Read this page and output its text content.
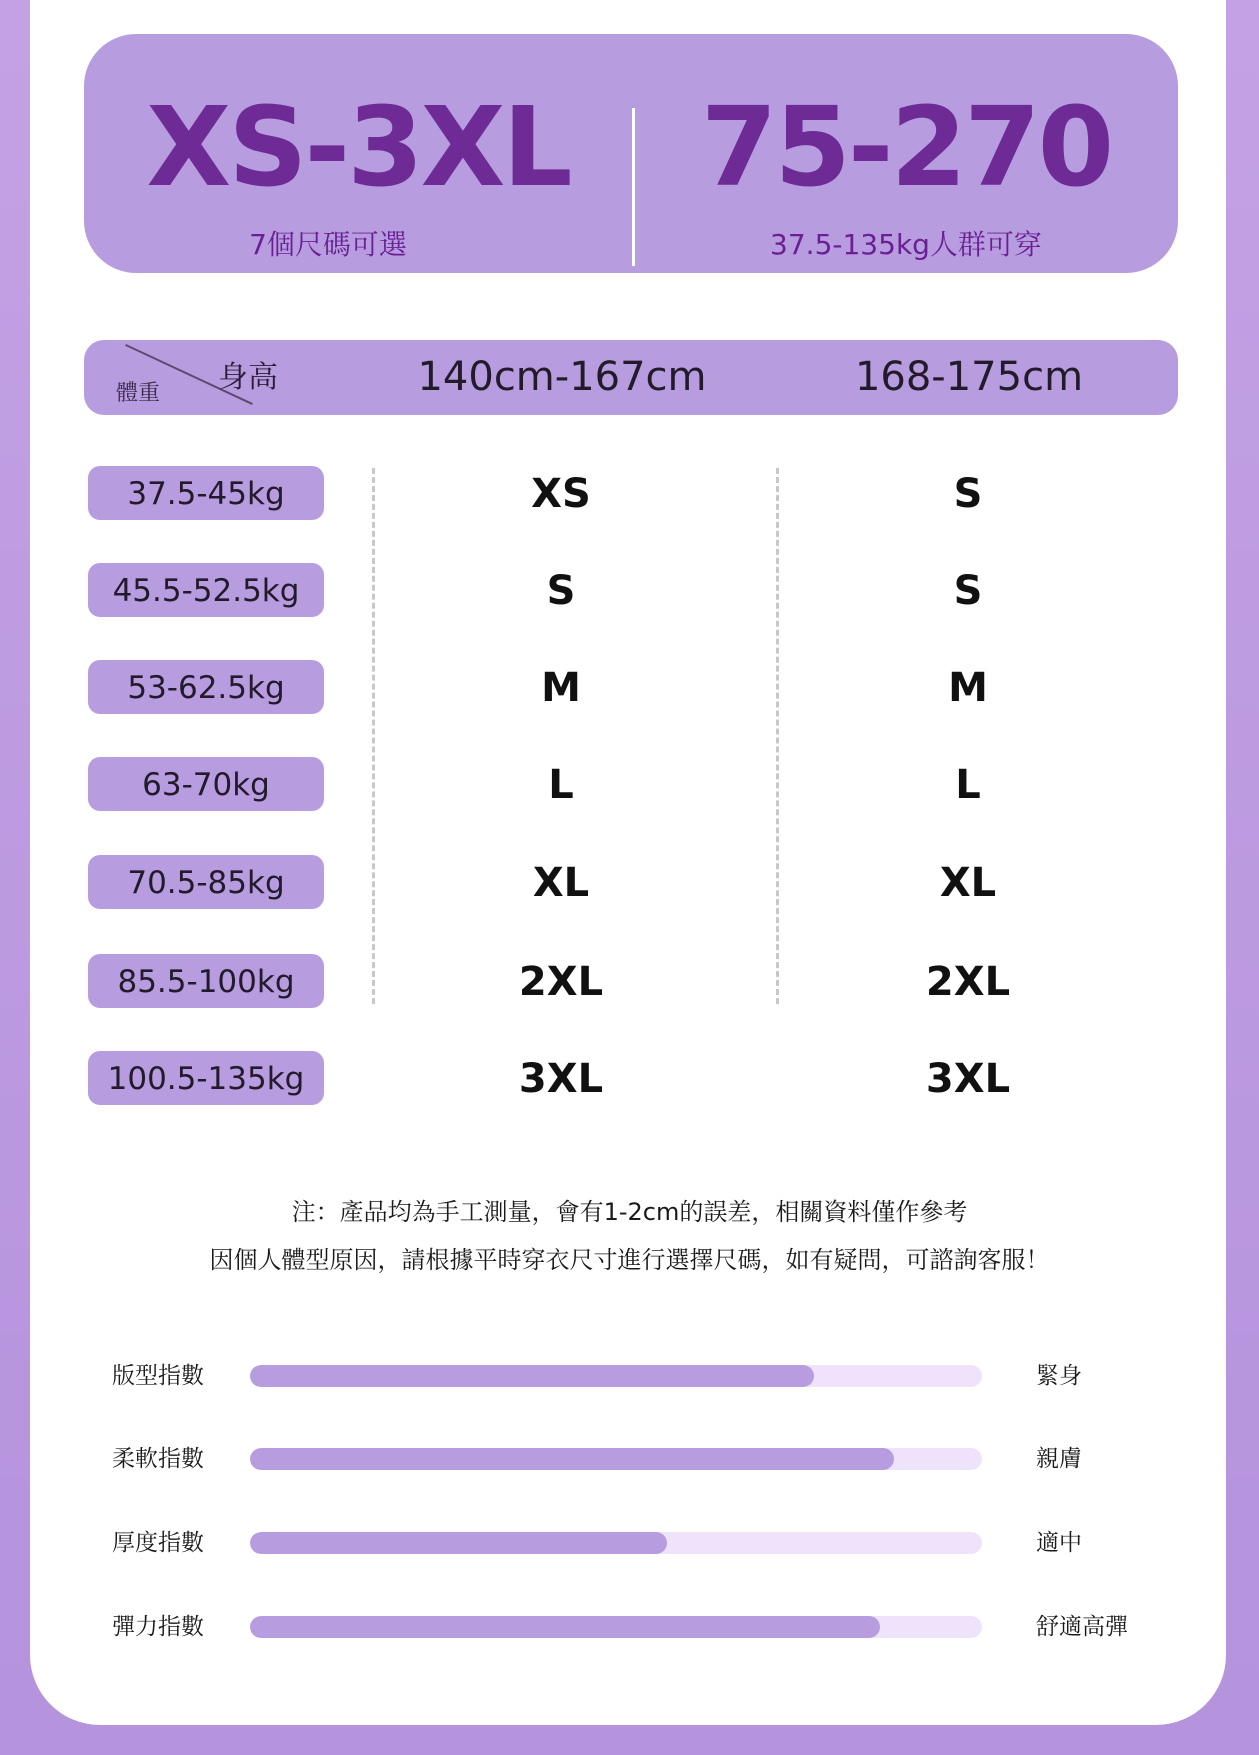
XS-3XL
7個尺碼可選
75-270
37.5-135kg人群可穿
體重 身高	140cm-167cm	168-175cm
37.5-45kg	XS	S
45.5-52.5kg	S	S
53-62.5kg	M	M
63-70kg	L	L
70.5-85kg	XL	XL
85.5-100kg	2XL	2XL
100.5-135kg	3XL	3XL
注：產品均為手工測量，會有1-2cm的誤差，相關資料僅作參考
因個人體型原因，請根據平時穿衣尺寸進行選擇尺碼，如有疑問，可諮詢客服！
版型指數	緊身
柔軟指數	親膚
厚度指數	適中
彈力指數	舒適高彈
